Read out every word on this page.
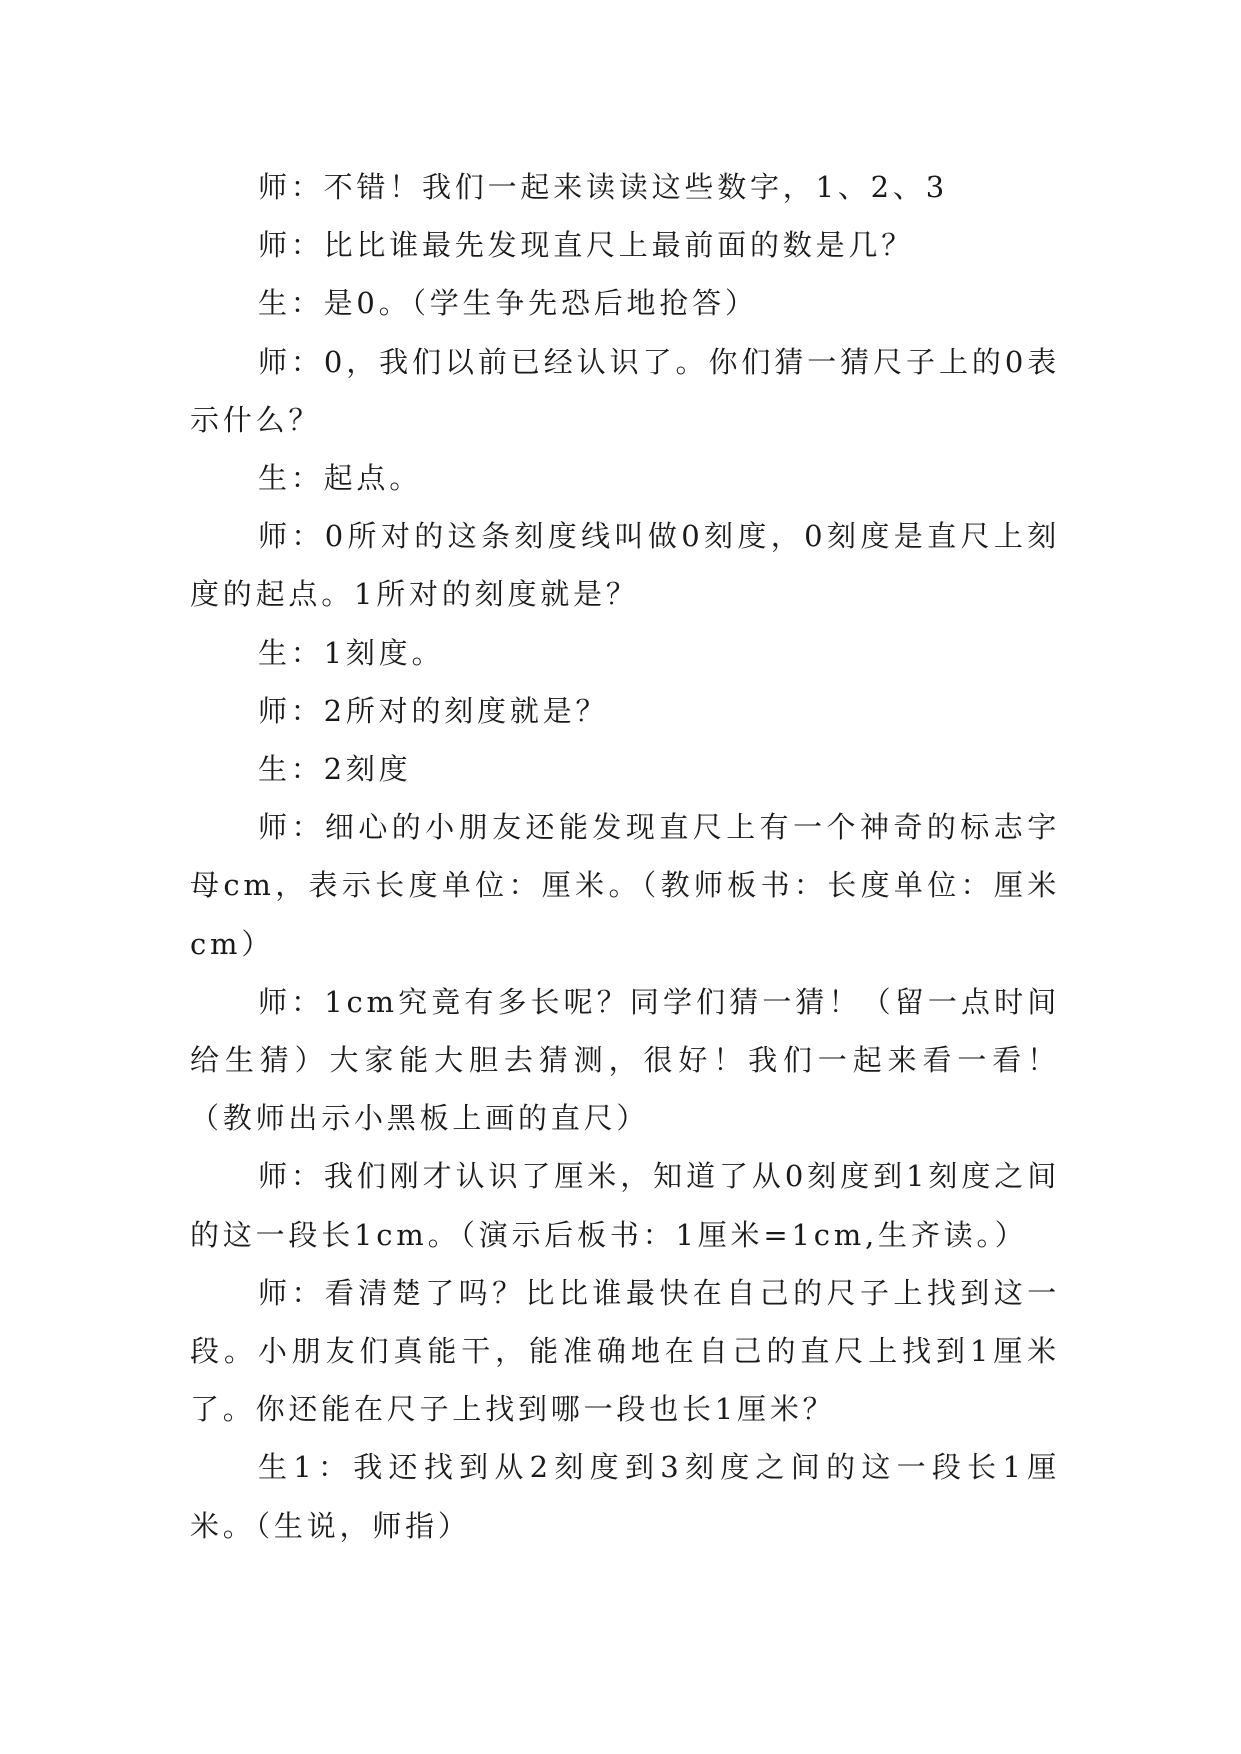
师：不错！我们一起来读读这些数字，1、2、3

师：比比谁最先发现直尺上最前面的数是几？

生：是0。（学生争先恐后地抢答）

师：0，我们以前已经认识了。你们猜一猜尺子上的0表示什么？

生：起点。

师：0所对的这条刻度线叫做0刻度，0刻度是直尺上刻度的起点。1所对的刻度就是？

生：1刻度。

师：2所对的刻度就是？

生：2刻度

师：细心的小朋友还能发现直尺上有一个神奇的标志字母cm，表示长度单位：厘米。（教师板书：长度单位：厘米cm）

师：1cm究竟有多长呢？同学们猜一猜！（留一点时间给生猜）大家能大胆去猜测，很好！我们一起来看一看！（教师出示小黑板上画的直尺）

师：我们刚才认识了厘米，知道了从0刻度到1刻度之间的这一段长1cm。（演示后板书：1厘米=1cm,生齐读。）

师：看清楚了吗？比比谁最快在自己的尺子上找到这一段。小朋友们真能干，能准确地在自己的直尺上找到1厘米了。你还能在尺子上找到哪一段也长1厘米？

生1：我还找到从2刻度到3刻度之间的这一段长1厘米。（生说，师指）
